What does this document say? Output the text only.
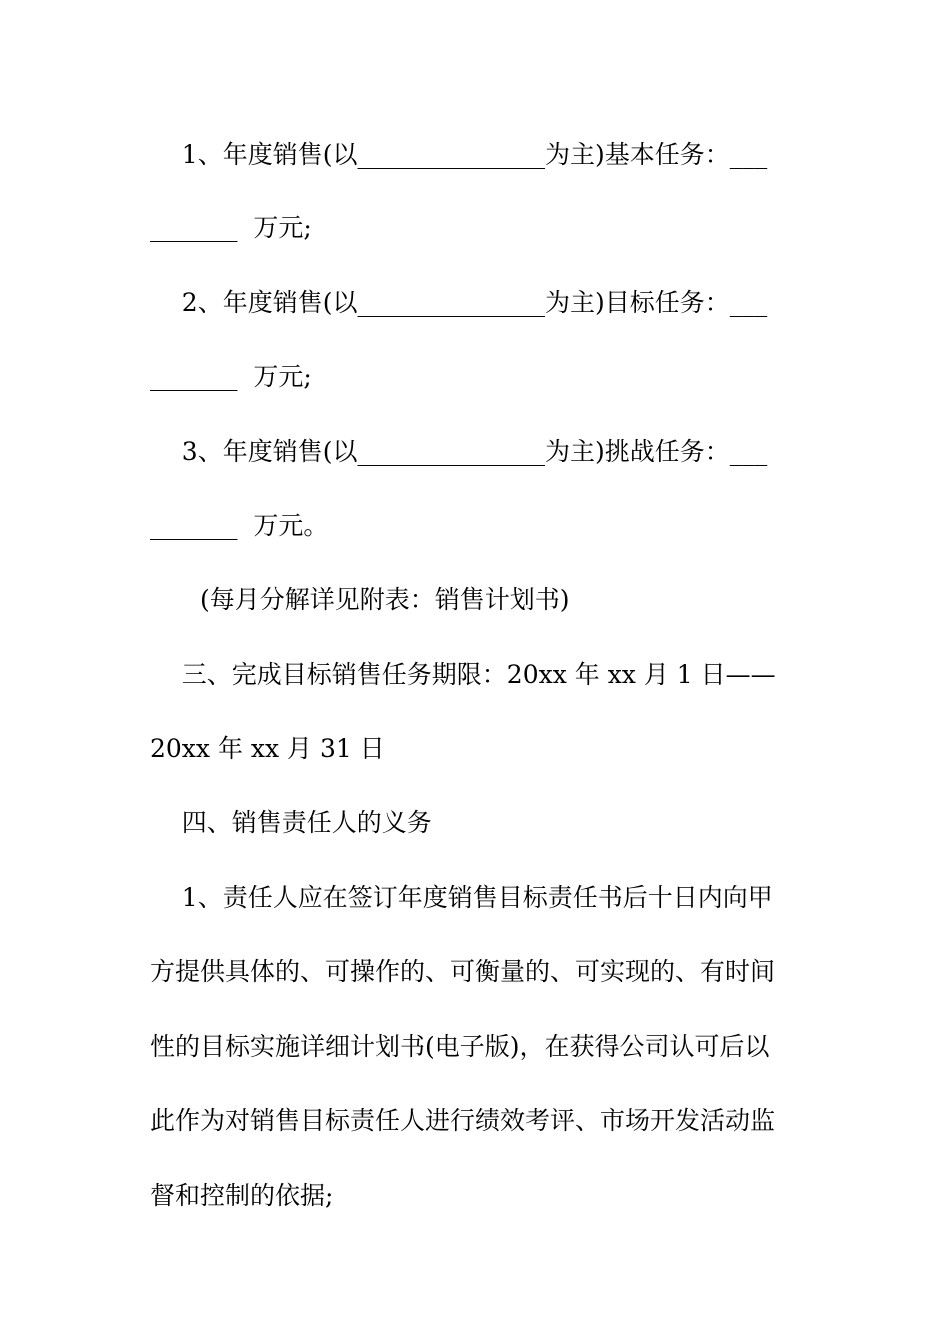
1、年度销售(以_______________为主)基本任务：___
_______  万元;
2、年度销售(以_______________为主)目标任务：___
_______  万元;
3、年度销售(以_______________为主)挑战任务：___
_______  万元。
(每月分解详见附表：销售计划书)
三、完成目标销售任务期限：20xx 年 xx 月 1 日——
20xx 年 xx 月 31 日
四、销售责任人的义务
1、责任人应在签订年度销售目标责任书后十日内向甲
方提供具体的、可操作的、可衡量的、可实现的、有时间
性的目标实施详细计划书(电子版)，在获得公司认可后以
此作为对销售目标责任人进行绩效考评、市场开发活动监
督和控制的依据;
